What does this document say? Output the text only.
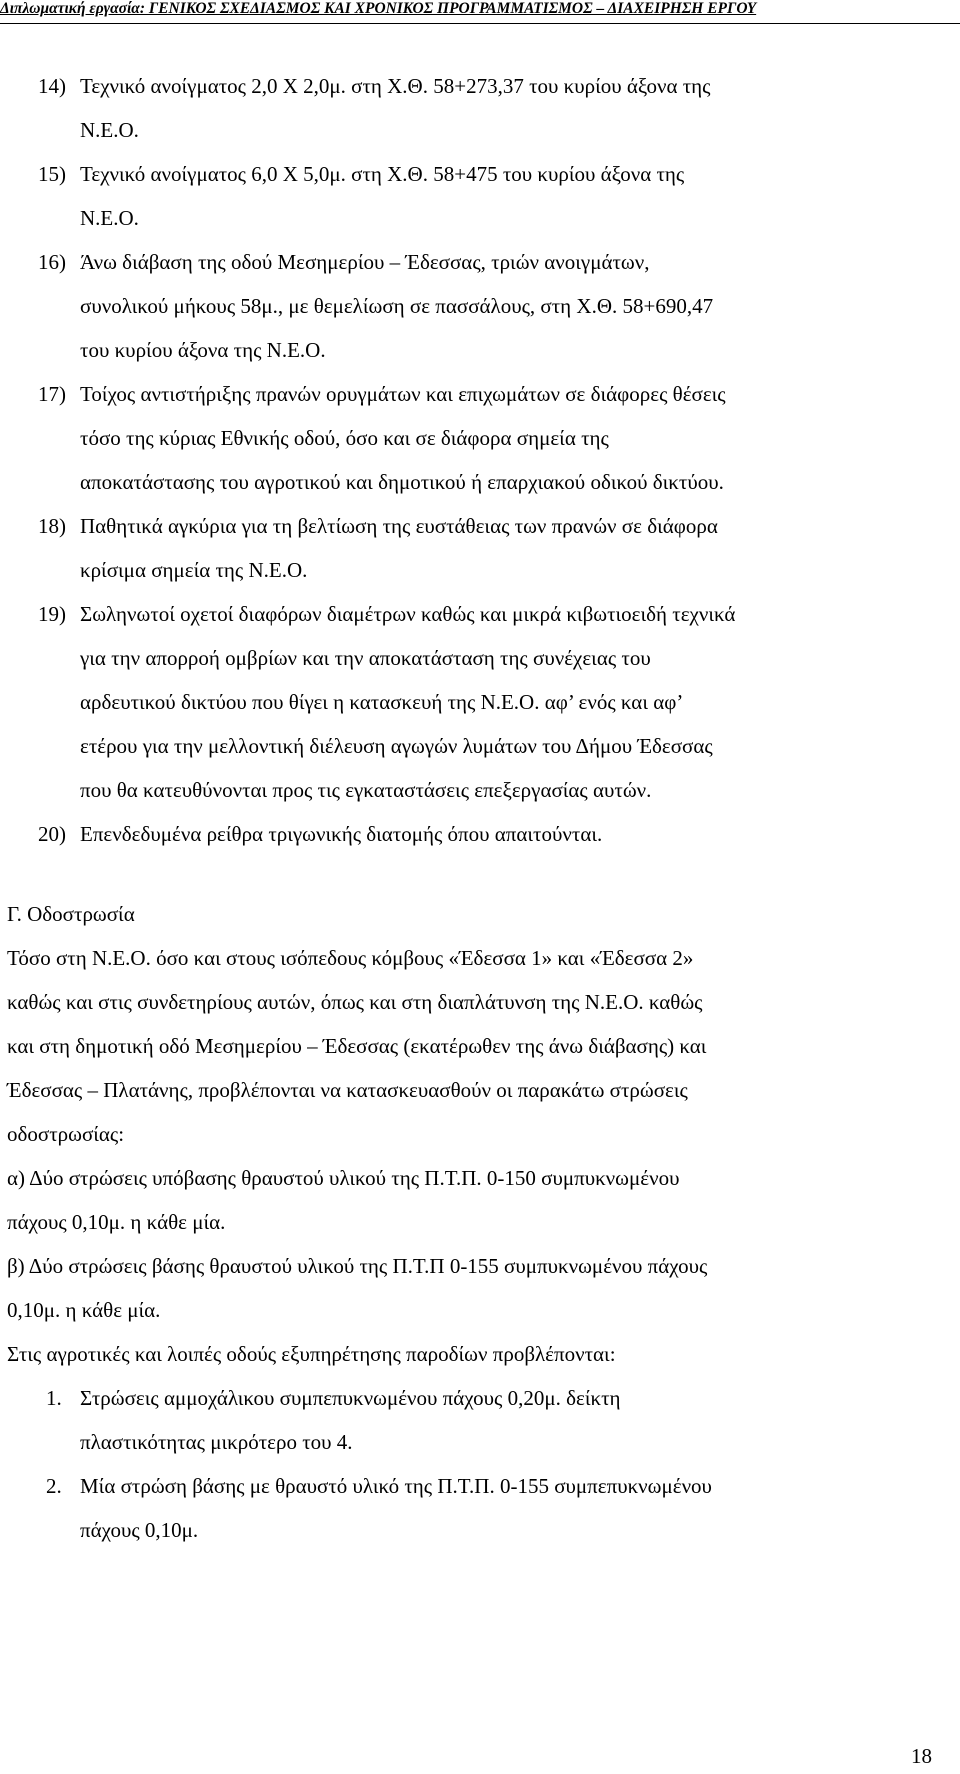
Διπλωματική εργασία: ΓΕΝΙΚΟΣ ΣΧΕΔΙΑΣΜΟΣ ΚΑΙ ΧΡΟΝΙΚΟΣ ΠΡΟΓΡΑΜΜΑΤΙΣΜΟΣ – ΔΙΑΧΕΙΡΗΣΗ ΕΡΓΟΥ
14) Τεχνικό ανοίγματος 2,0 Χ 2,0μ. στη Χ.Θ. 58+273,37 του κυρίου άξονα της
Ν.Ε.Ο.
15) Τεχνικό ανοίγματος 6,0 Χ 5,0μ. στη Χ.Θ. 58+475 του κυρίου άξονα της
Ν.Ε.Ο.
16) Άνω διάβαση της οδού Μεσημερίου – Έδεσσας, τριών ανοιγμάτων,
συνολικού μήκους 58μ., με θεμελίωση σε πασσάλους, στη Χ.Θ. 58+690,47
του κυρίου άξονα της Ν.Ε.Ο.
17) Τοίχος αντιστήριξης πρανών ορυγμάτων και επιχωμάτων σε διάφορες θέσεις
τόσο της κύριας Εθνικής οδού, όσο και σε διάφορα σημεία της
αποκατάστασης του αγροτικού και δημοτικού ή επαρχιακού οδικού δικτύου.
18) Παθητικά αγκύρια για τη βελτίωση της ευστάθειας των πρανών σε διάφορα
κρίσιμα σημεία της Ν.Ε.Ο.
19) Σωληνωτοί οχετοί διαφόρων διαμέτρων καθώς και μικρά κιβωτιοειδή τεχνικά
για την απορροή ομβρίων και την αποκατάσταση της συνέχειας του
αρδευτικού δικτύου που θίγει η κατασκευή της Ν.Ε.Ο. αφ’ ενός και αφ’
ετέρου για την μελλοντική διέλευση αγωγών λυμάτων του Δήμου Έδεσσας
που θα κατευθύνονται προς τις εγκαταστάσεις επεξεργασίας αυτών.
20) Επενδεδυμένα ρείθρα τριγωνικής διατομής όπου απαιτούνται.
Γ. Οδοστρωσία
Τόσο στη Ν.Ε.Ο. όσο και στους ισόπεδους κόμβους «Έδεσσα 1» και «Έδεσσα 2»
καθώς και στις συνδετηρίους αυτών, όπως και στη διαπλάτυνση της Ν.Ε.Ο. καθώς
και στη δημοτική οδό Μεσημερίου – Έδεσσας (εκατέρωθεν της άνω διάβασης) και
Έδεσσας – Πλατάνης, προβλέπονται να κατασκευασθούν οι παρακάτω στρώσεις
οδοστρωσίας:
α) Δύο στρώσεις υπόβασης θραυστού υλικού της Π.Τ.Π. 0-150 συμπυκνωμένου
πάχους 0,10μ. η κάθε μία.
β) Δύο στρώσεις βάσης θραυστού υλικού της Π.Τ.Π 0-155 συμπυκνωμένου πάχους
0,10μ. η κάθε μία.
Στις αγροτικές και λοιπές οδούς εξυπηρέτησης παροδίων προβλέπονται:
1. Στρώσεις αμμοχάλικου συμπεπυκνωμένου πάχους 0,20μ. δείκτη
πλαστικότητας μικρότερο του 4.
2. Μία στρώση βάσης με θραυστό υλικό της Π.Τ.Π. 0-155 συμπεπυκνωμένου
πάχους 0,10μ.
18
